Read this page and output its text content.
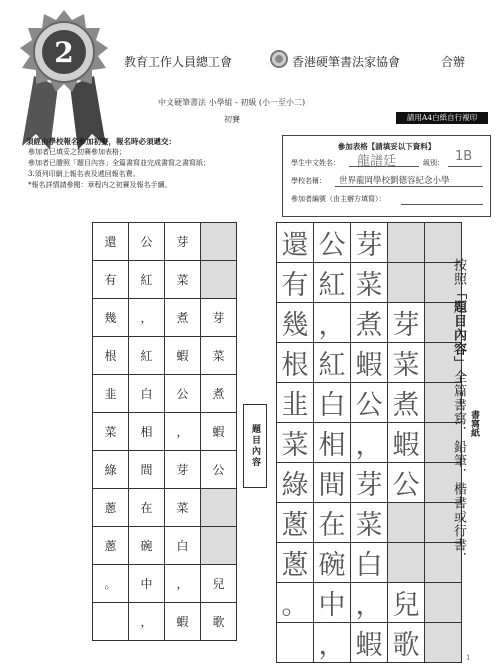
2	教育工作人員總工會	香港硬筆書法家協會	合辦
中文硬筆書法 小學組 - 初級 (小一至小二)
初賽	請用A4白紙自行複印
須經由學校報名參加初賽，報名時必須遞交：
參加者已填妥之初賽參加表格；
參加者已謄照「題目內容」全篇書寫並完成書寫之書寫紙；
3.須列印網上報名表及遞回報名費。
*報名詳情請參閱：章程内之初賽及報名手續。
參加表格【請填妥以下資料】
學生中文姓名： 龍譜廷	級別： 1B
學校名稱： 世界龍岡學校劉德容紀念小學
參加者編號（由主辦方填寫）：
還	公	芽	
有	紅	菜	
幾	，	煮	芽
根	紅	蝦	菜
韭	白	公	煮
菜	相	，	蝦
綠	間	芽	公
蔥	在	菜	
蔥	碗	白	
。	中	，	兒
	，	蝦	歌
題目內容
還	公	芽		
有	紅	菜		
幾	，	煮	芽	
根	紅	蝦	菜	
韭	白	公	煮	
菜	相	，	蝦	
綠	間	芽	公	
蔥	在	菜		
蔥	碗	白		
。	中	，	兒	
	，	蝦	歌	
按照「題目內容」全篇書寫．鉛筆．楷書或行書． 書寫紙
1
